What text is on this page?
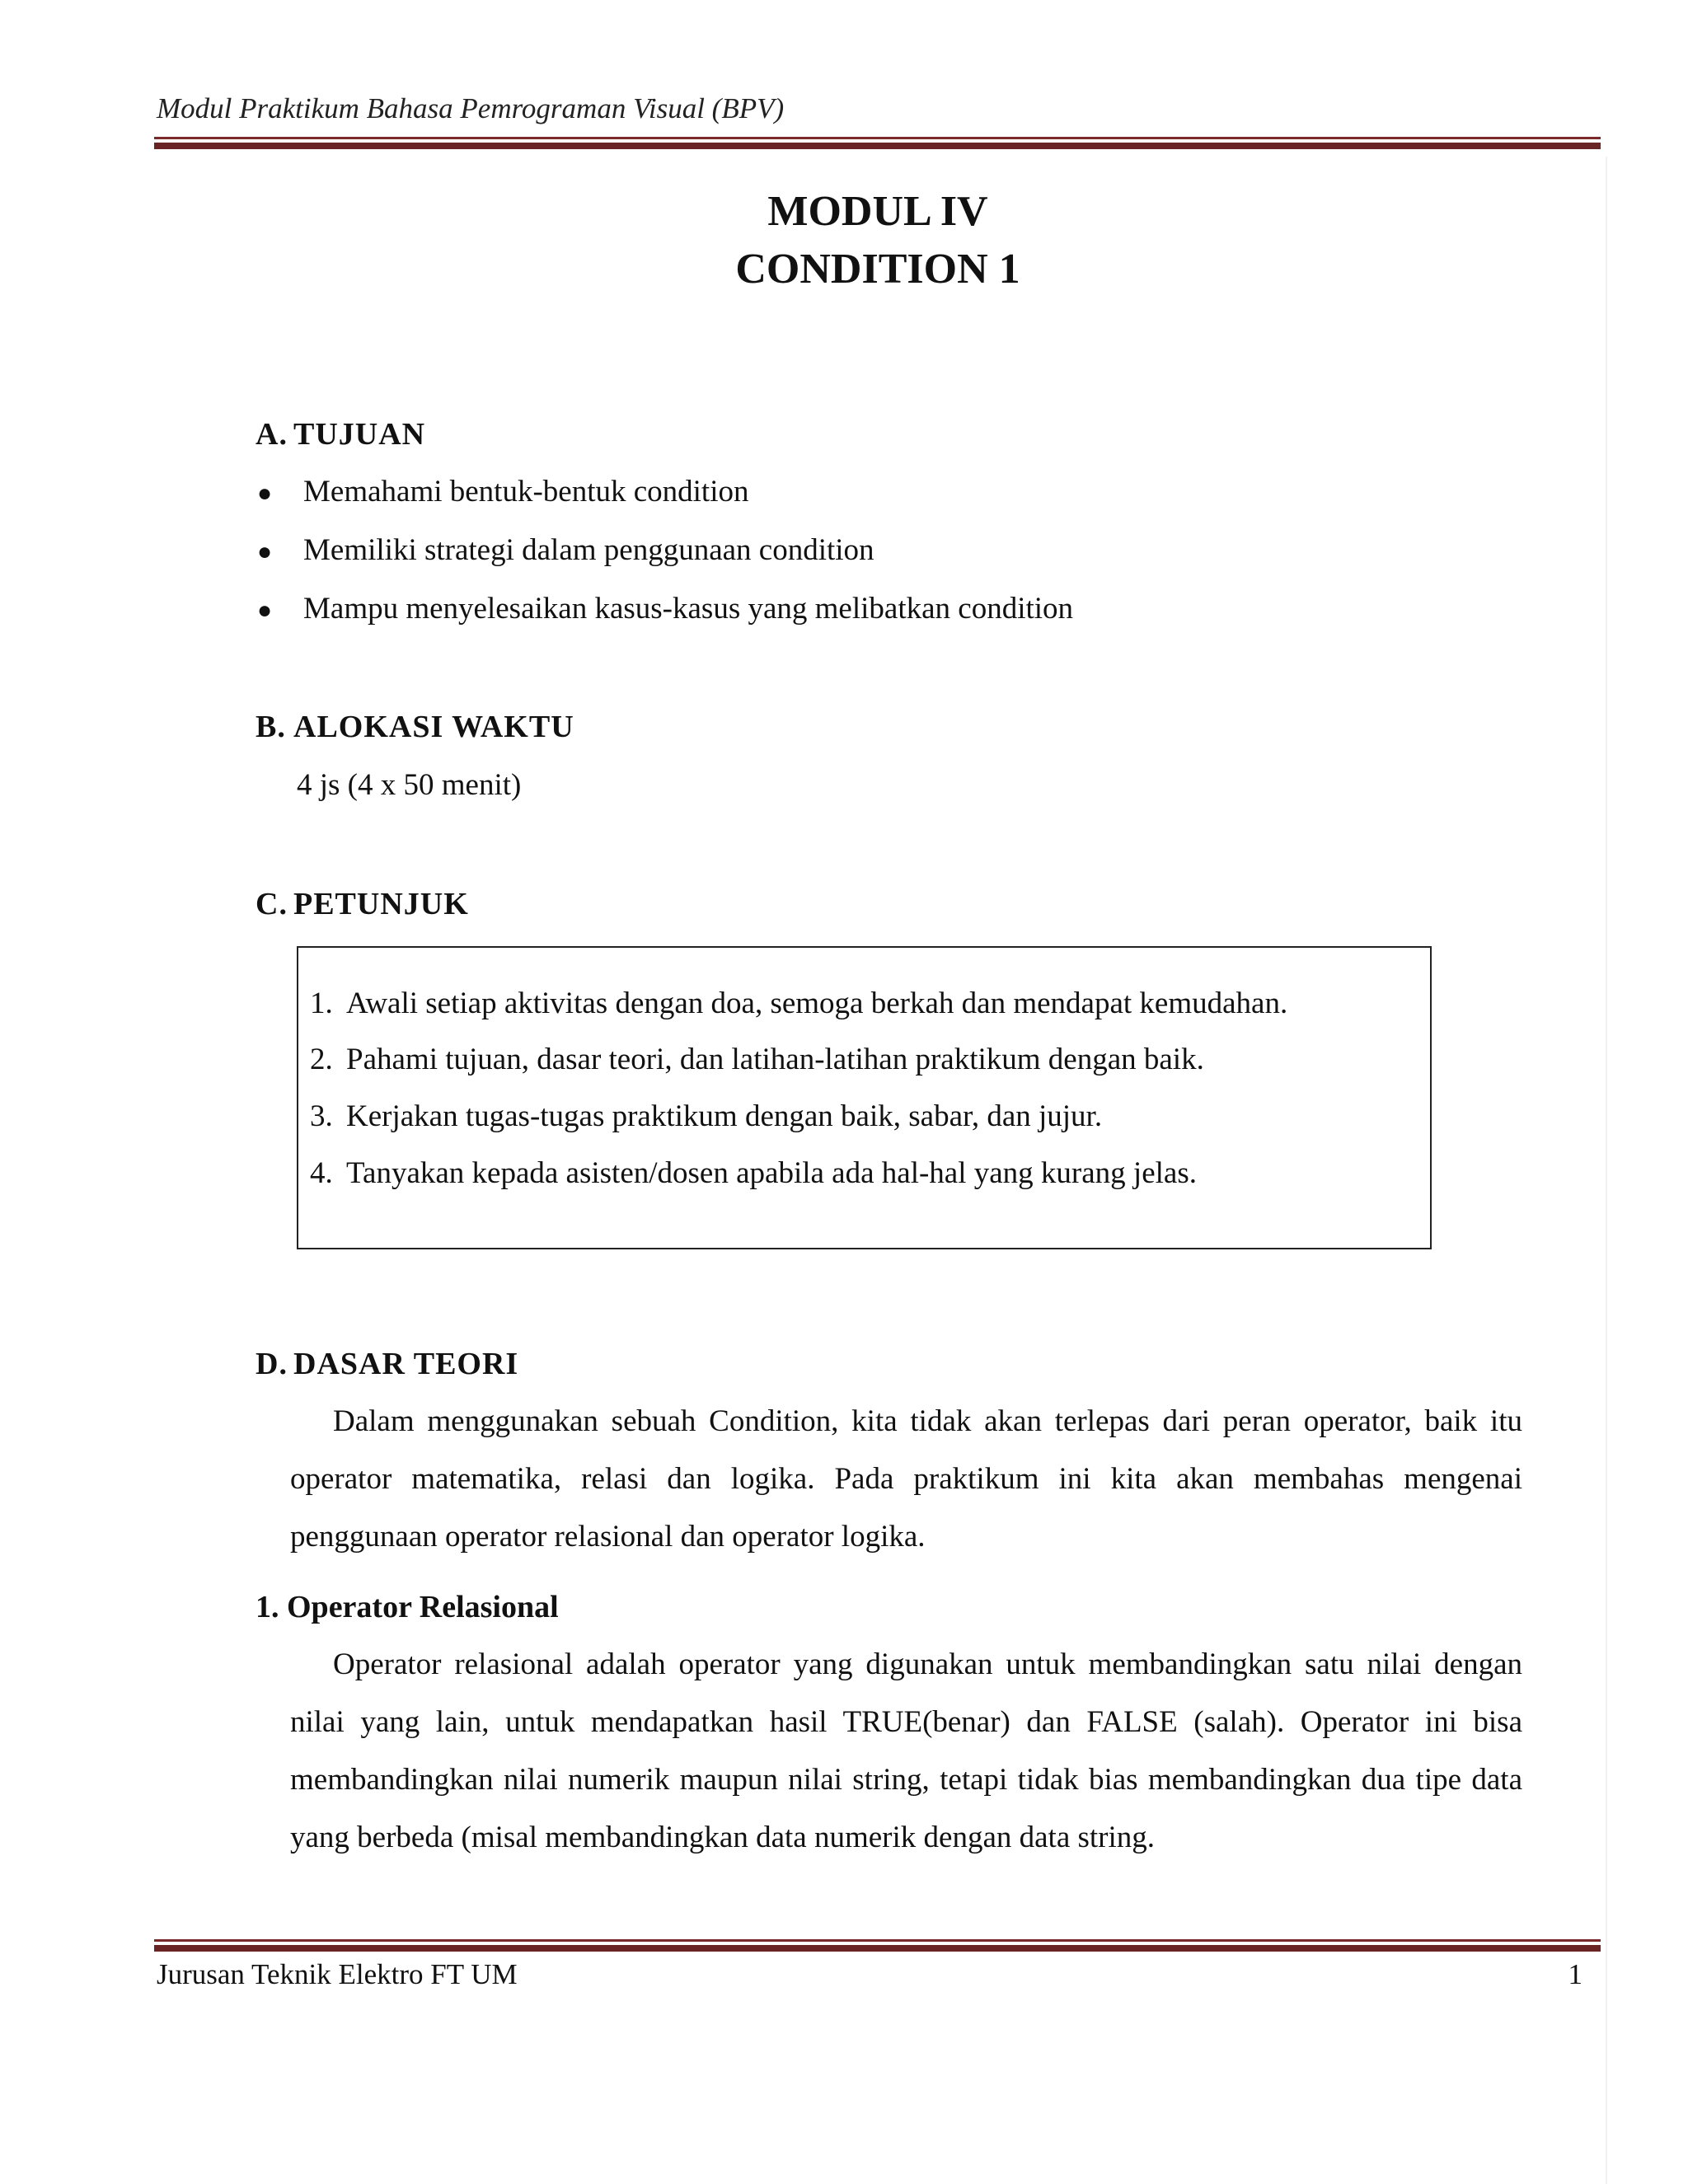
Modul Praktikum Bahasa Pemrograman Visual (BPV)
MODUL IV
CONDITION 1
A. TUJUAN
● Memahami bentuk-bentuk condition
● Memiliki strategi dalam penggunaan condition
● Mampu menyelesaikan kasus-kasus yang melibatkan condition
B. ALOKASI WAKTU
4 js (4 x 50 menit)
C. PETUNJUK
1. Awali setiap aktivitas dengan doa, semoga berkah dan mendapat kemudahan.
2. Pahami tujuan, dasar teori, dan latihan-latihan praktikum dengan baik.
3. Kerjakan tugas-tugas praktikum dengan baik, sabar, dan jujur.
4. Tanyakan kepada asisten/dosen apabila ada hal-hal yang kurang jelas.
D. DASAR TEORI
Dalam menggunakan sebuah Condition, kita tidak akan terlepas dari peran operator, baik itu operator matematika, relasi dan logika. Pada praktikum ini kita akan membahas mengenai penggunaan operator relasional dan operator logika.
1. Operator Relasional
Operator relasional adalah operator yang digunakan untuk membandingkan satu nilai dengan nilai yang lain, untuk mendapatkan hasil TRUE(benar) dan FALSE (salah). Operator ini bisa membandingkan nilai numerik maupun nilai string, tetapi tidak bias membandingkan dua tipe data yang berbeda (misal membandingkan data numerik dengan data string.
Jurusan Teknik Elektro FT UM	1
